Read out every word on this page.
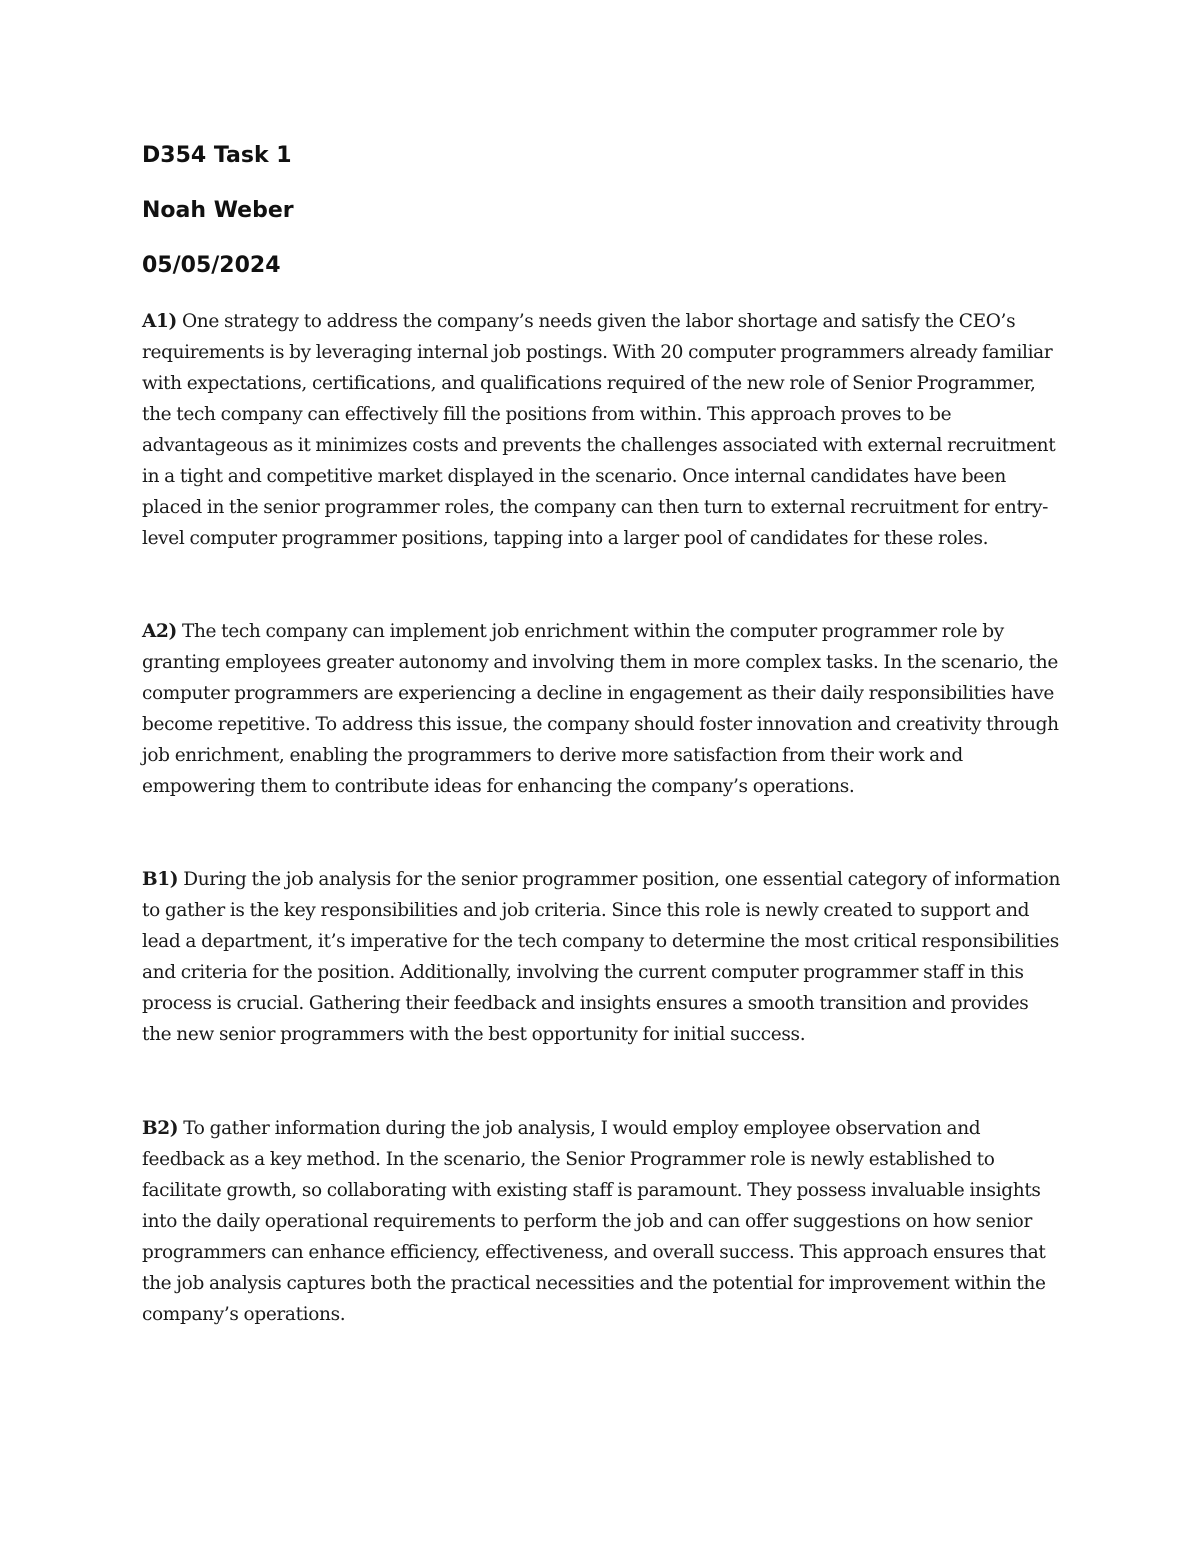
D354 Task 1

Noah Weber

05/05/2024

A1) One strategy to address the company’s needs given the labor shortage and satisfy the CEO’s requirements is by leveraging internal job postings. With 20 computer programmers already familiar with expectations, certifications, and qualifications required of the new role of Senior Programmer, the tech company can effectively fill the positions from within. This approach proves to be advantageous as it minimizes costs and prevents the challenges associated with external recruitment in a tight and competitive market displayed in the scenario. Once internal candidates have been placed in the senior programmer roles, the company can then turn to external recruitment for entry-level computer programmer positions, tapping into a larger pool of candidates for these roles.

A2) The tech company can implement job enrichment within the computer programmer role by granting employees greater autonomy and involving them in more complex tasks. In the scenario, the computer programmers are experiencing a decline in engagement as their daily responsibilities have become repetitive. To address this issue, the company should foster innovation and creativity through job enrichment, enabling the programmers to derive more satisfaction from their work and empowering them to contribute ideas for enhancing the company’s operations.

B1) During the job analysis for the senior programmer position, one essential category of information to gather is the key responsibilities and job criteria. Since this role is newly created to support and lead a department, it’s imperative for the tech company to determine the most critical responsibilities and criteria for the position. Additionally, involving the current computer programmer staff in this process is crucial. Gathering their feedback and insights ensures a smooth transition and provides the new senior programmers with the best opportunity for initial success.

B2) To gather information during the job analysis, I would employ employee observation and feedback as a key method. In the scenario, the Senior Programmer role is newly established to facilitate growth, so collaborating with existing staff is paramount. They possess invaluable insights into the daily operational requirements to perform the job and can offer suggestions on how senior programmers can enhance efficiency, effectiveness, and overall success. This approach ensures that the job analysis captures both the practical necessities and the potential for improvement within the company’s operations.
